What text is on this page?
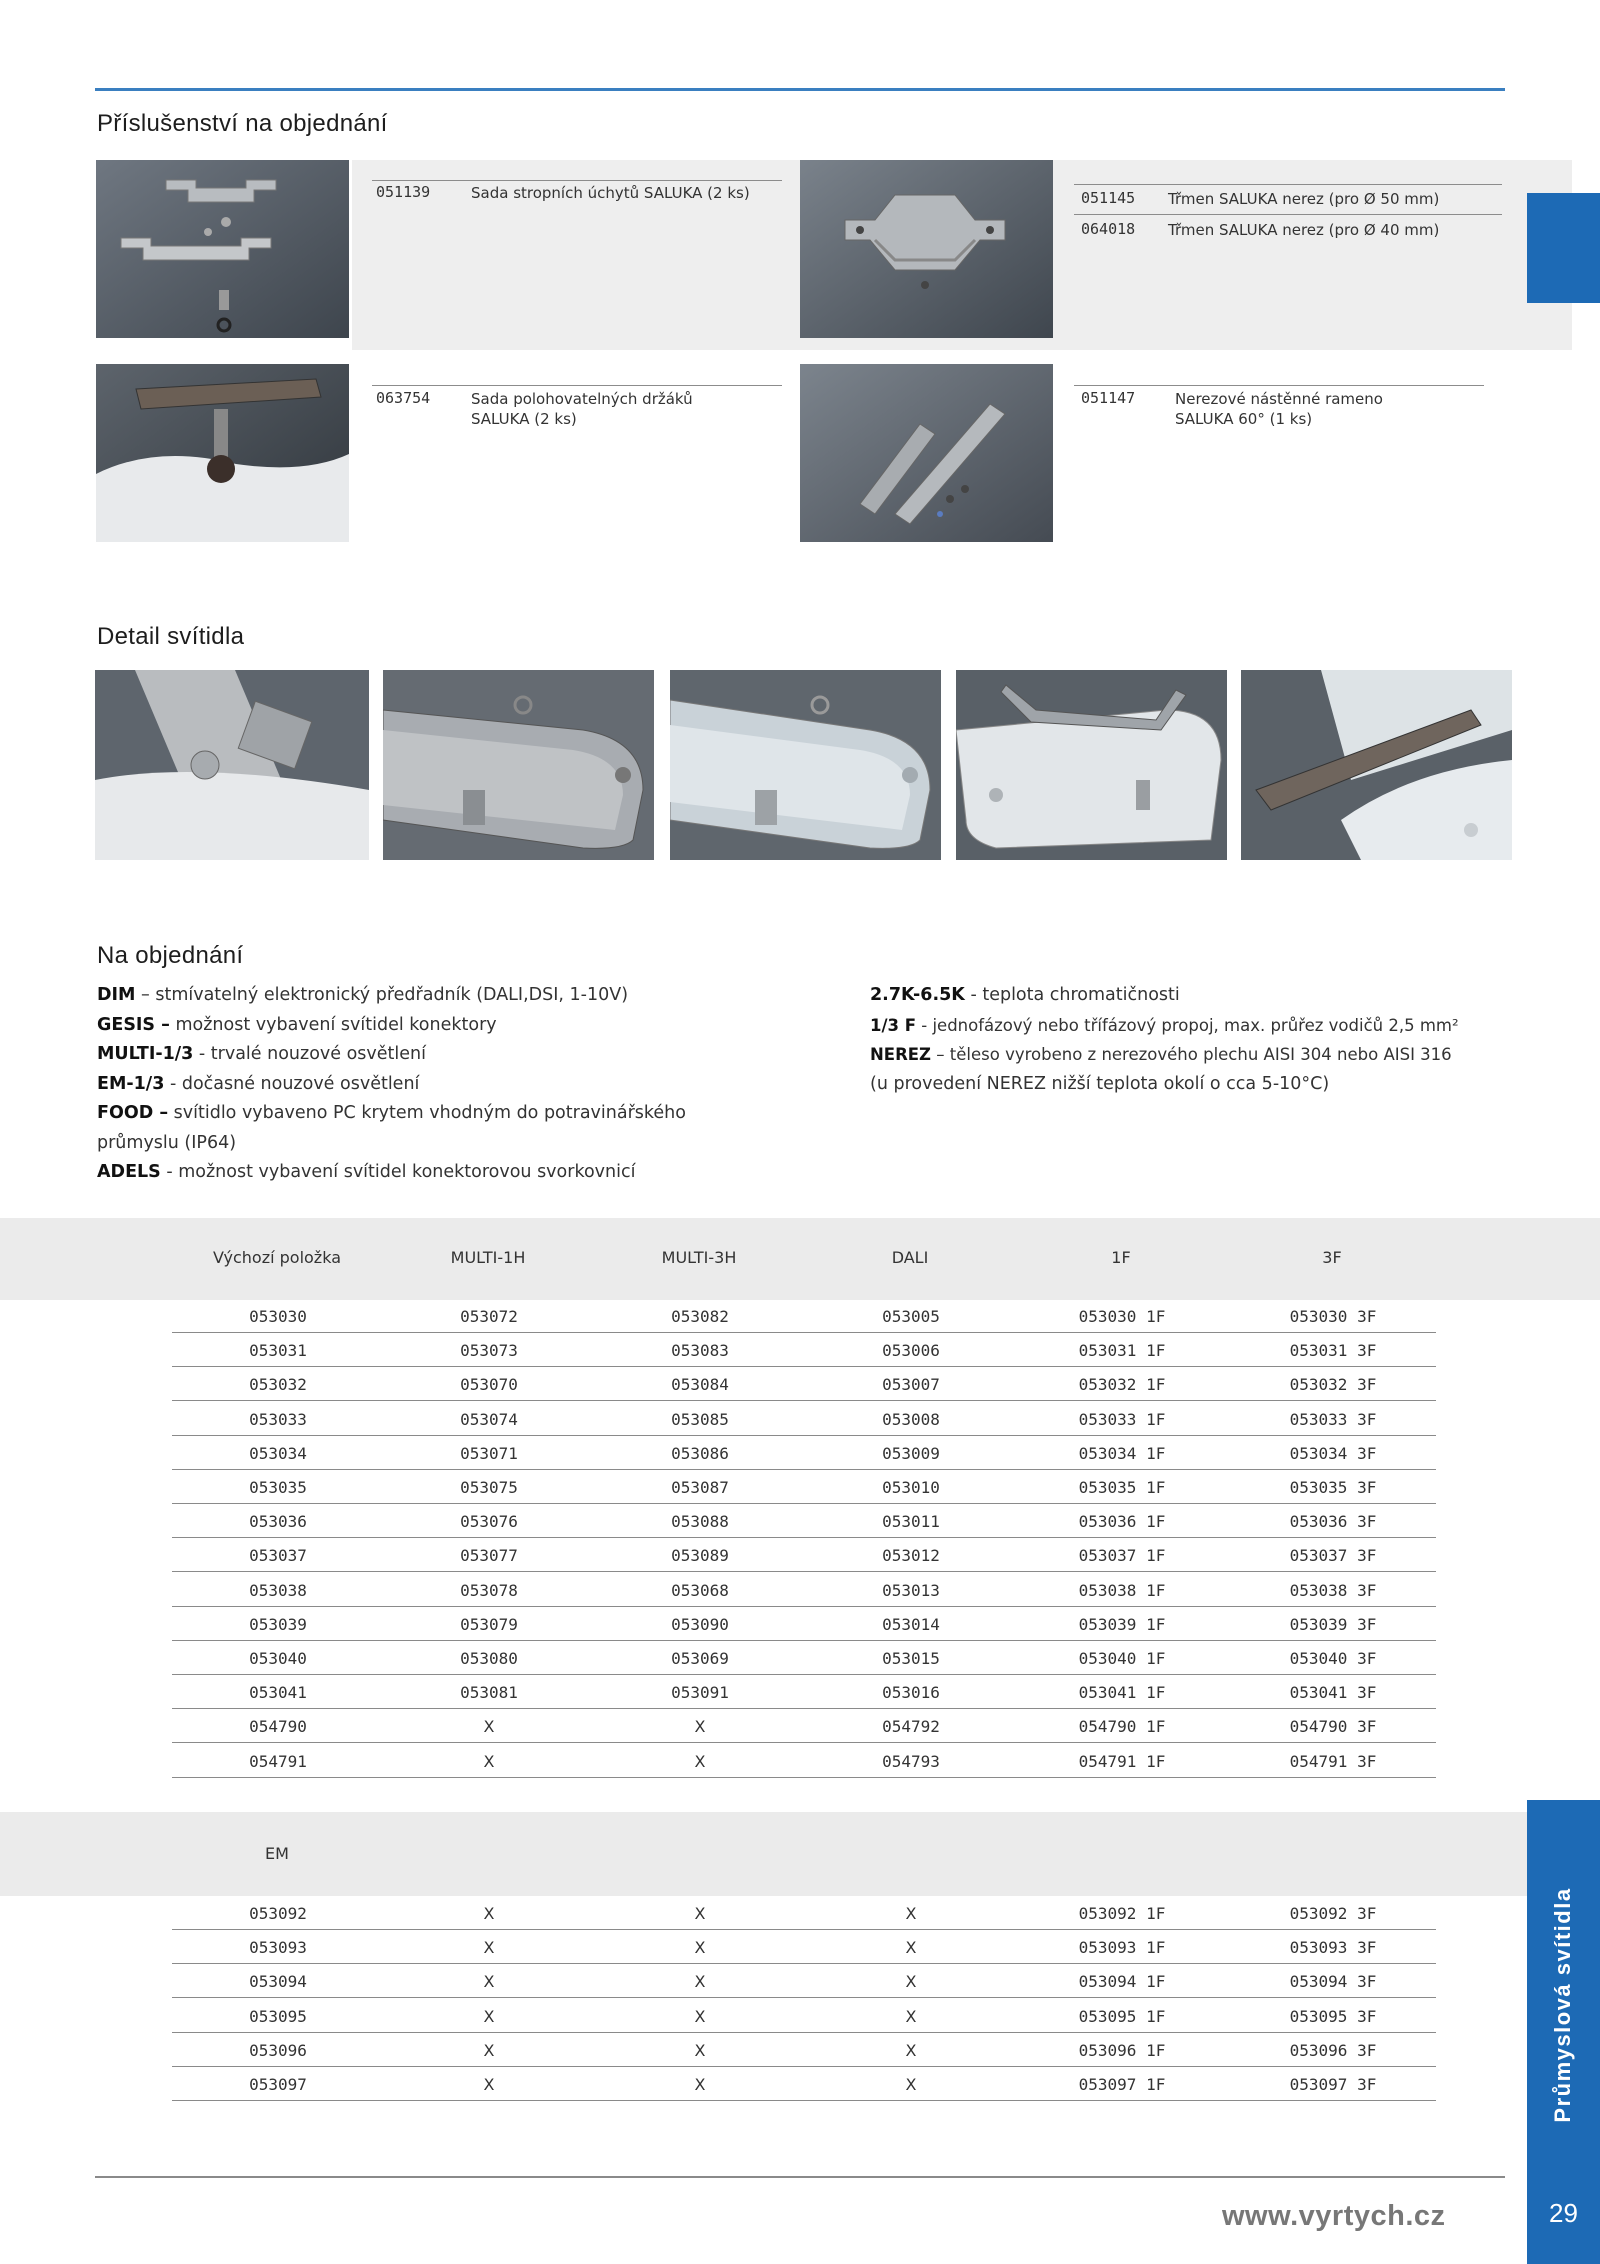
Příslušenství na objednání
051139	Sada stropních úchytů SALUKA (2 ks)	051145 Třmen SALUKA nerez (pro Ø 50 mm)
064018 Třmen SALUKA nerez (pro Ø 40 mm)
063754	Sada polohovatelných držáků
SALUKA (2 ks)
051147	Nerezové nástěnné rameno
SALUKA 60° (1 ks)
Detail svítidla
Na objednání
DIM – stmívatelný elektronický předřadník (DALI,DSI, 1-10V)
GESIS – možnost vybavení svítidel konektory
MULTI-1/3 - trvalé nouzové osvětlení
EM-1/3 - dočasné nouzové osvětlení
FOOD – svítidlo vybaveno PC krytem vhodným do potravinářského
průmyslu (IP64)
ADELS - možnost vybavení svítidel konektorovou svorkovnicí
2.7K-6.5K - teplota chromatičnosti
1/3 F - jednofázový nebo třífázový propoj, max. průřez vodičů 2,5 mm²
NEREZ – těleso vyrobeno z nerezového plechu AISI 304 nebo AISI 316
(u provedení NEREZ nižší teplota okolí o cca 5-10°C)
Výchozí položka	MULTI-1H	MULTI-3H	DALI	1F	3F
053030	053072	053082	053005	053030 1F	053030 3F
053031	053073	053083	053006	053031 1F	053031 3F
053032	053070	053084	053007	053032 1F	053032 3F
053033	053074	053085	053008	053033 1F	053033 3F
053034	053071	053086	053009	053034 1F	053034 3F
053035	053075	053087	053010	053035 1F	053035 3F
053036	053076	053088	053011	053036 1F	053036 3F
053037	053077	053089	053012	053037 1F	053037 3F
053038	053078	053068	053013	053038 1F	053038 3F
053039	053079	053090	053014	053039 1F	053039 3F
053040	053080	053069	053015	053040 1F	053040 3F
053041	053081	053091	053016	053041 1F	053041 3F
054790	X	X	054792	054790 1F	054790 3F
054791	X	X	054793	054791 1F	054791 3F
EM
053092	X	X	X	053092 1F	053092 3F
053093	X	X	X	053093 1F	053093 3F
053094	X	X	X	053094 1F	053094 3F
053095	X	X	X	053095 1F	053095 3F
053096	X	X	X	053096 1F	053096 3F
053097	X	X	X	053097 1F	053097 3F	Průmyslová svítidla
www.vyrtych.cz	29
